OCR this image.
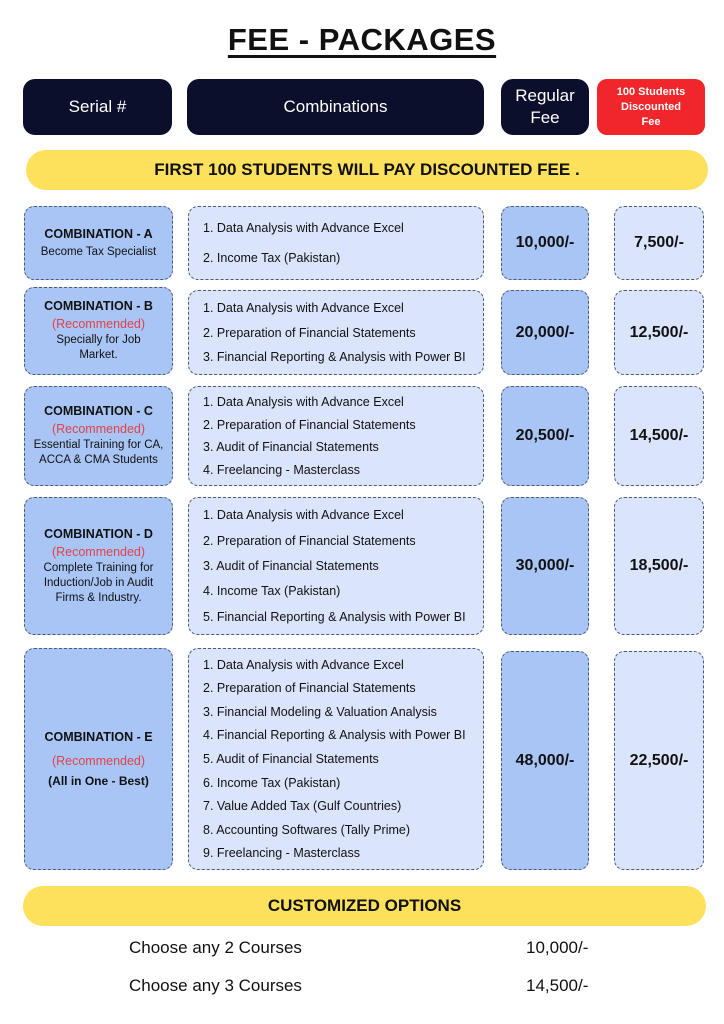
FEE - PACKAGES
Serial #	Combinations
Regular
Fee
100 Students
Discounted
Fee
FIRST 100 STUDENTS WILL PAY DISCOUNTED FEE .
COMBINATION - A
Become Tax Specialist
1. Data Analysis with Advance Excel
2. Income Tax (Pakistan)
10,000/-	7,500/-
COMBINATION - B
(Recommended)
Specially for Job
Market.
1. Data Analysis with Advance Excel
2. Preparation of Financial Statements
3. Financial Reporting & Analysis with Power BI
20,000/-	12,500/-
COMBINATION - C
(Recommended)
Essential Training for CA,
ACCA & CMA Students
1. Data Analysis with Advance Excel
2. Preparation of Financial Statements
3. Audit of Financial Statements
4. Freelancing - Masterclass
20,500/-	14,500/-
COMBINATION - D
(Recommended)
Complete Training for
Induction/Job in Audit
Firms & Industry.
1. Data Analysis with Advance Excel
2. Preparation of Financial Statements
3. Audit of Financial Statements
4. Income Tax (Pakistan)
5. Financial Reporting & Analysis with Power BI
30,000/-	18,500/-
COMBINATION - E
(Recommended)
(All in One - Best)
1. Data Analysis with Advance Excel
2. Preparation of Financial Statements
3. Financial Modeling & Valuation Analysis
4. Financial Reporting & Analysis with Power BI
5. Audit of Financial Statements
6. Income Tax (Pakistan)
7. Value Added Tax (Gulf Countries)
8. Accounting Softwares (Tally Prime)
9. Freelancing - Masterclass
48,000/-	22,500/-
CUSTOMIZED OPTIONS
Choose any 2 Courses	10,000/-
Choose any 3 Courses	14,500/-
